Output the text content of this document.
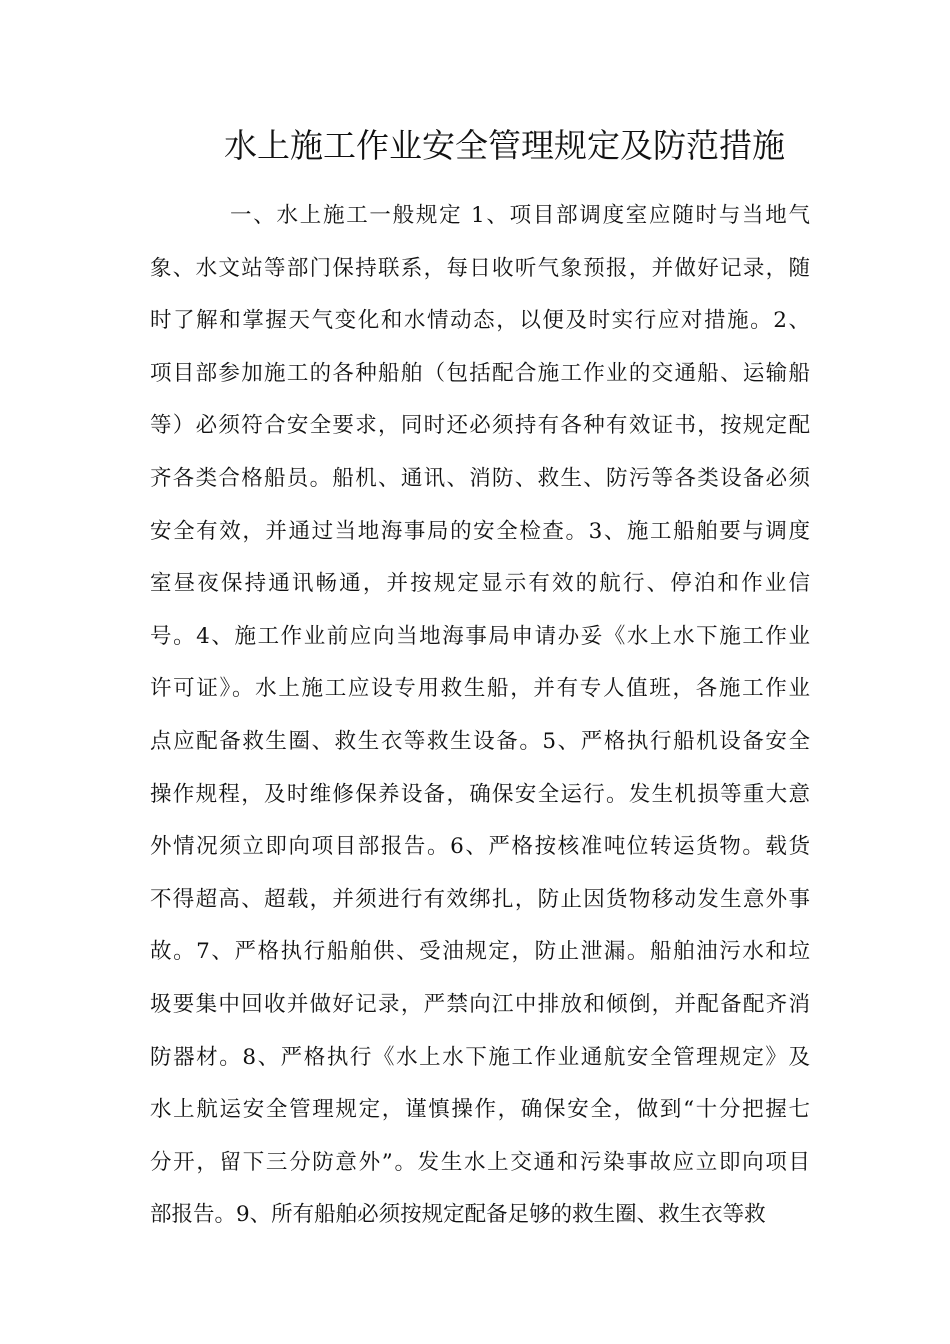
水上施工作业安全管理规定及防范措施
一、水上施工一般规定 1、项目部调度室应随时与当地气
象、水文站等部门保持联系，每日收听气象预报，并做好记录，随
时了解和掌握天气变化和水情动态，以便及时实行应对措施。2、
项目部参加施工的各种船舶（包括配合施工作业的交通船、运输船
等）必须符合安全要求，同时还必须持有各种有效证书，按规定配
齐各类合格船员。船机、通讯、消防、救生、防污等各类设备必须
安全有效，并通过当地海事局的安全检查。3、施工船舶要与调度
室昼夜保持通讯畅通，并按规定显示有效的航行、停泊和作业信
号。4、施工作业前应向当地海事局申请办妥《水上水下施工作业
许可证》。水上施工应设专用救生船，并有专人值班，各施工作业
点应配备救生圈、救生衣等救生设备。5、严格执行船机设备安全
操作规程，及时维修保养设备，确保安全运行。发生机损等重大意
外情况须立即向项目部报告。6、严格按核准吨位转运货物。载货
不得超高、超载，并须进行有效绑扎，防止因货物移动发生意外事
故。7、严格执行船舶供、受油规定，防止泄漏。船舶油污水和垃
圾要集中回收并做好记录，严禁向江中排放和倾倒，并配备配齐消
防器材。8、严格执行《水上水下施工作业通航安全管理规定》及
水上航运安全管理规定，谨慎操作，确保安全，做到“十分把握七
分开，留下三分防意外”。发生水上交通和污染事故应立即向项目
部报告。9、所有船舶必须按规定配备足够的救生圈、救生衣等救
